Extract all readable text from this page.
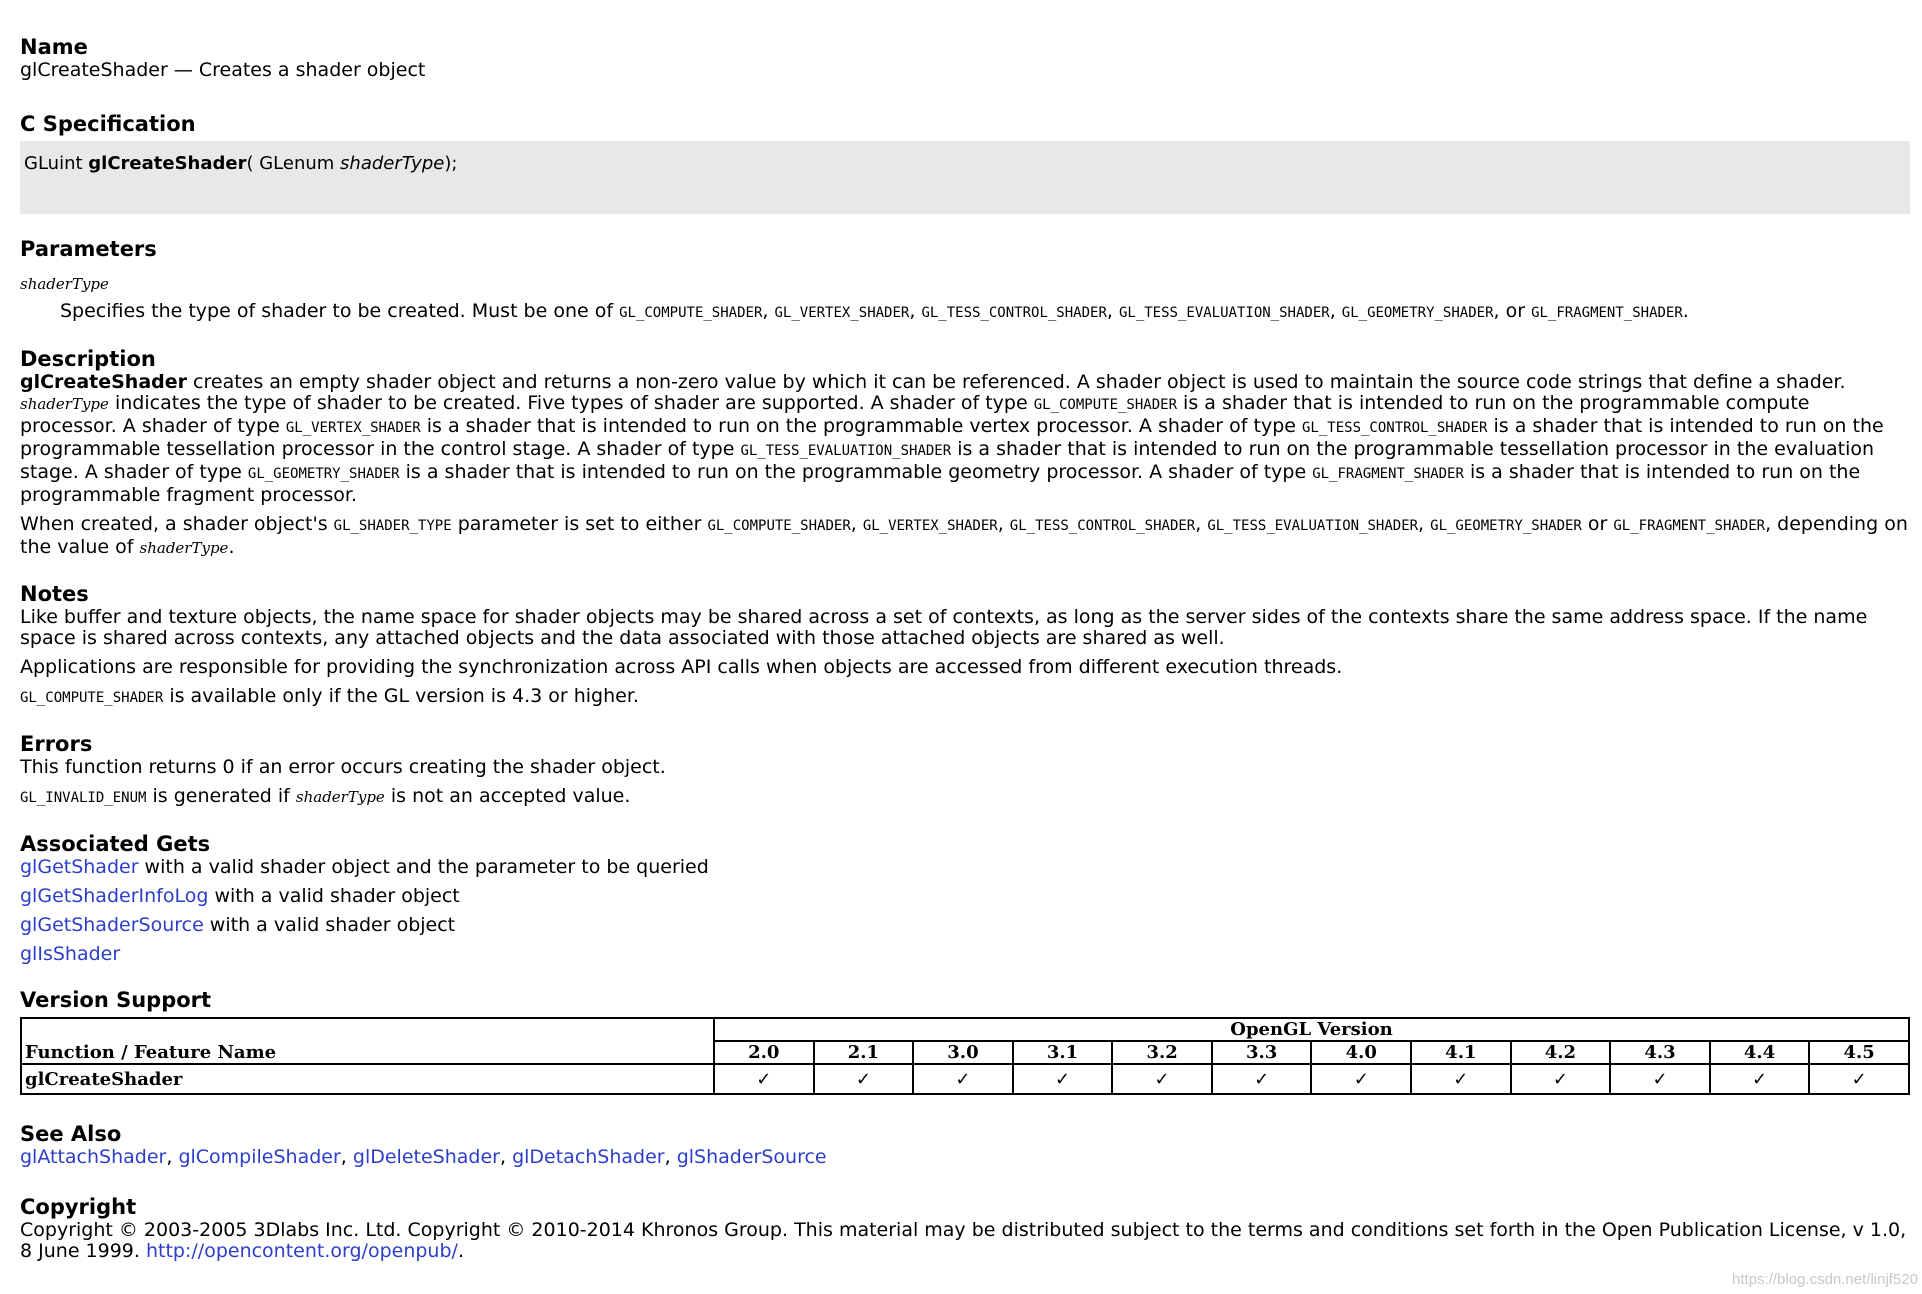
Name
glCreateShader — Creates a shader object
C Specification
GLuint glCreateShader( GLenum shaderType);
Parameters
shaderType
Specifies the type of shader to be created. Must be one of GL_COMPUTE_SHADER, GL_VERTEX_SHADER, GL_TESS_CONTROL_SHADER, GL_TESS_EVALUATION_SHADER, GL_GEOMETRY_SHADER, or GL_FRAGMENT_SHADER.
Description

glCreateShader creates an empty shader object and returns a non-zero value by which it can be referenced. A shader object is used to maintain the source code strings that define a shader. shaderType indicates the type of shader to be created. Five types of shader are supported. A shader of type GL_COMPUTE_SHADER is a shader that is intended to run on the programmable compute processor. A shader of type GL_VERTEX_SHADER is a shader that is intended to run on the programmable vertex processor. A shader of type GL_TESS_CONTROL_SHADER is a shader that is intended to run on the programmable tessellation processor in the control stage. A shader of type GL_TESS_EVALUATION_SHADER is a shader that is intended to run on the programmable tessellation processor in the evaluation stage. A shader of type GL_GEOMETRY_SHADER is a shader that is intended to run on the programmable geometry processor. A shader of type GL_FRAGMENT_SHADER is a shader that is intended to run on the programmable fragment processor.

When created, a shader object's GL_SHADER_TYPE parameter is set to either GL_COMPUTE_SHADER, GL_VERTEX_SHADER, GL_TESS_CONTROL_SHADER, GL_TESS_EVALUATION_SHADER, GL_GEOMETRY_SHADER or GL_FRAGMENT_SHADER, depending on the value of shaderType.

Notes

Like buffer and texture objects, the name space for shader objects may be shared across a set of contexts, as long as the server sides of the contexts share the same address space. If the name space is shared across contexts, any attached objects and the data associated with those attached objects are shared as well.

Applications are responsible for providing the synchronization across API calls when objects are accessed from different execution threads.

GL_COMPUTE_SHADER is available only if the GL version is 4.3 or higher.

Errors

This function returns 0 if an error occurs creating the shader object.

GL_INVALID_ENUM is generated if shaderType is not an accepted value.

Associated Gets

glGetShader with a valid shader object and the parameter to be queried

glGetShaderInfoLog with a valid shader object

glGetShaderSource with a valid shader object

glIsShader

Version Support
Function / Feature Name	OpenGL Version											
	2.0	2.1	3.0	3.1	3.2	3.3	4.0	4.1	4.2	4.3	4.4	4.5
glCreateShader	✓	✓	✓	✓	✓	✓	✓	✓	✓	✓	✓	✓
See Also
glAttachShader, glCompileShader, glDeleteShader, glDetachShader, glShaderSource
Copyright
Copyright © 2003-2005 3Dlabs Inc. Ltd. Copyright © 2010-2014 Khronos Group. This material may be distributed subject to the terms and conditions set forth in the Open Publication License, v 1.0, 8 June 1999. http://opencontent.org/openpub/.
https://blog.csdn.net/linjf520
